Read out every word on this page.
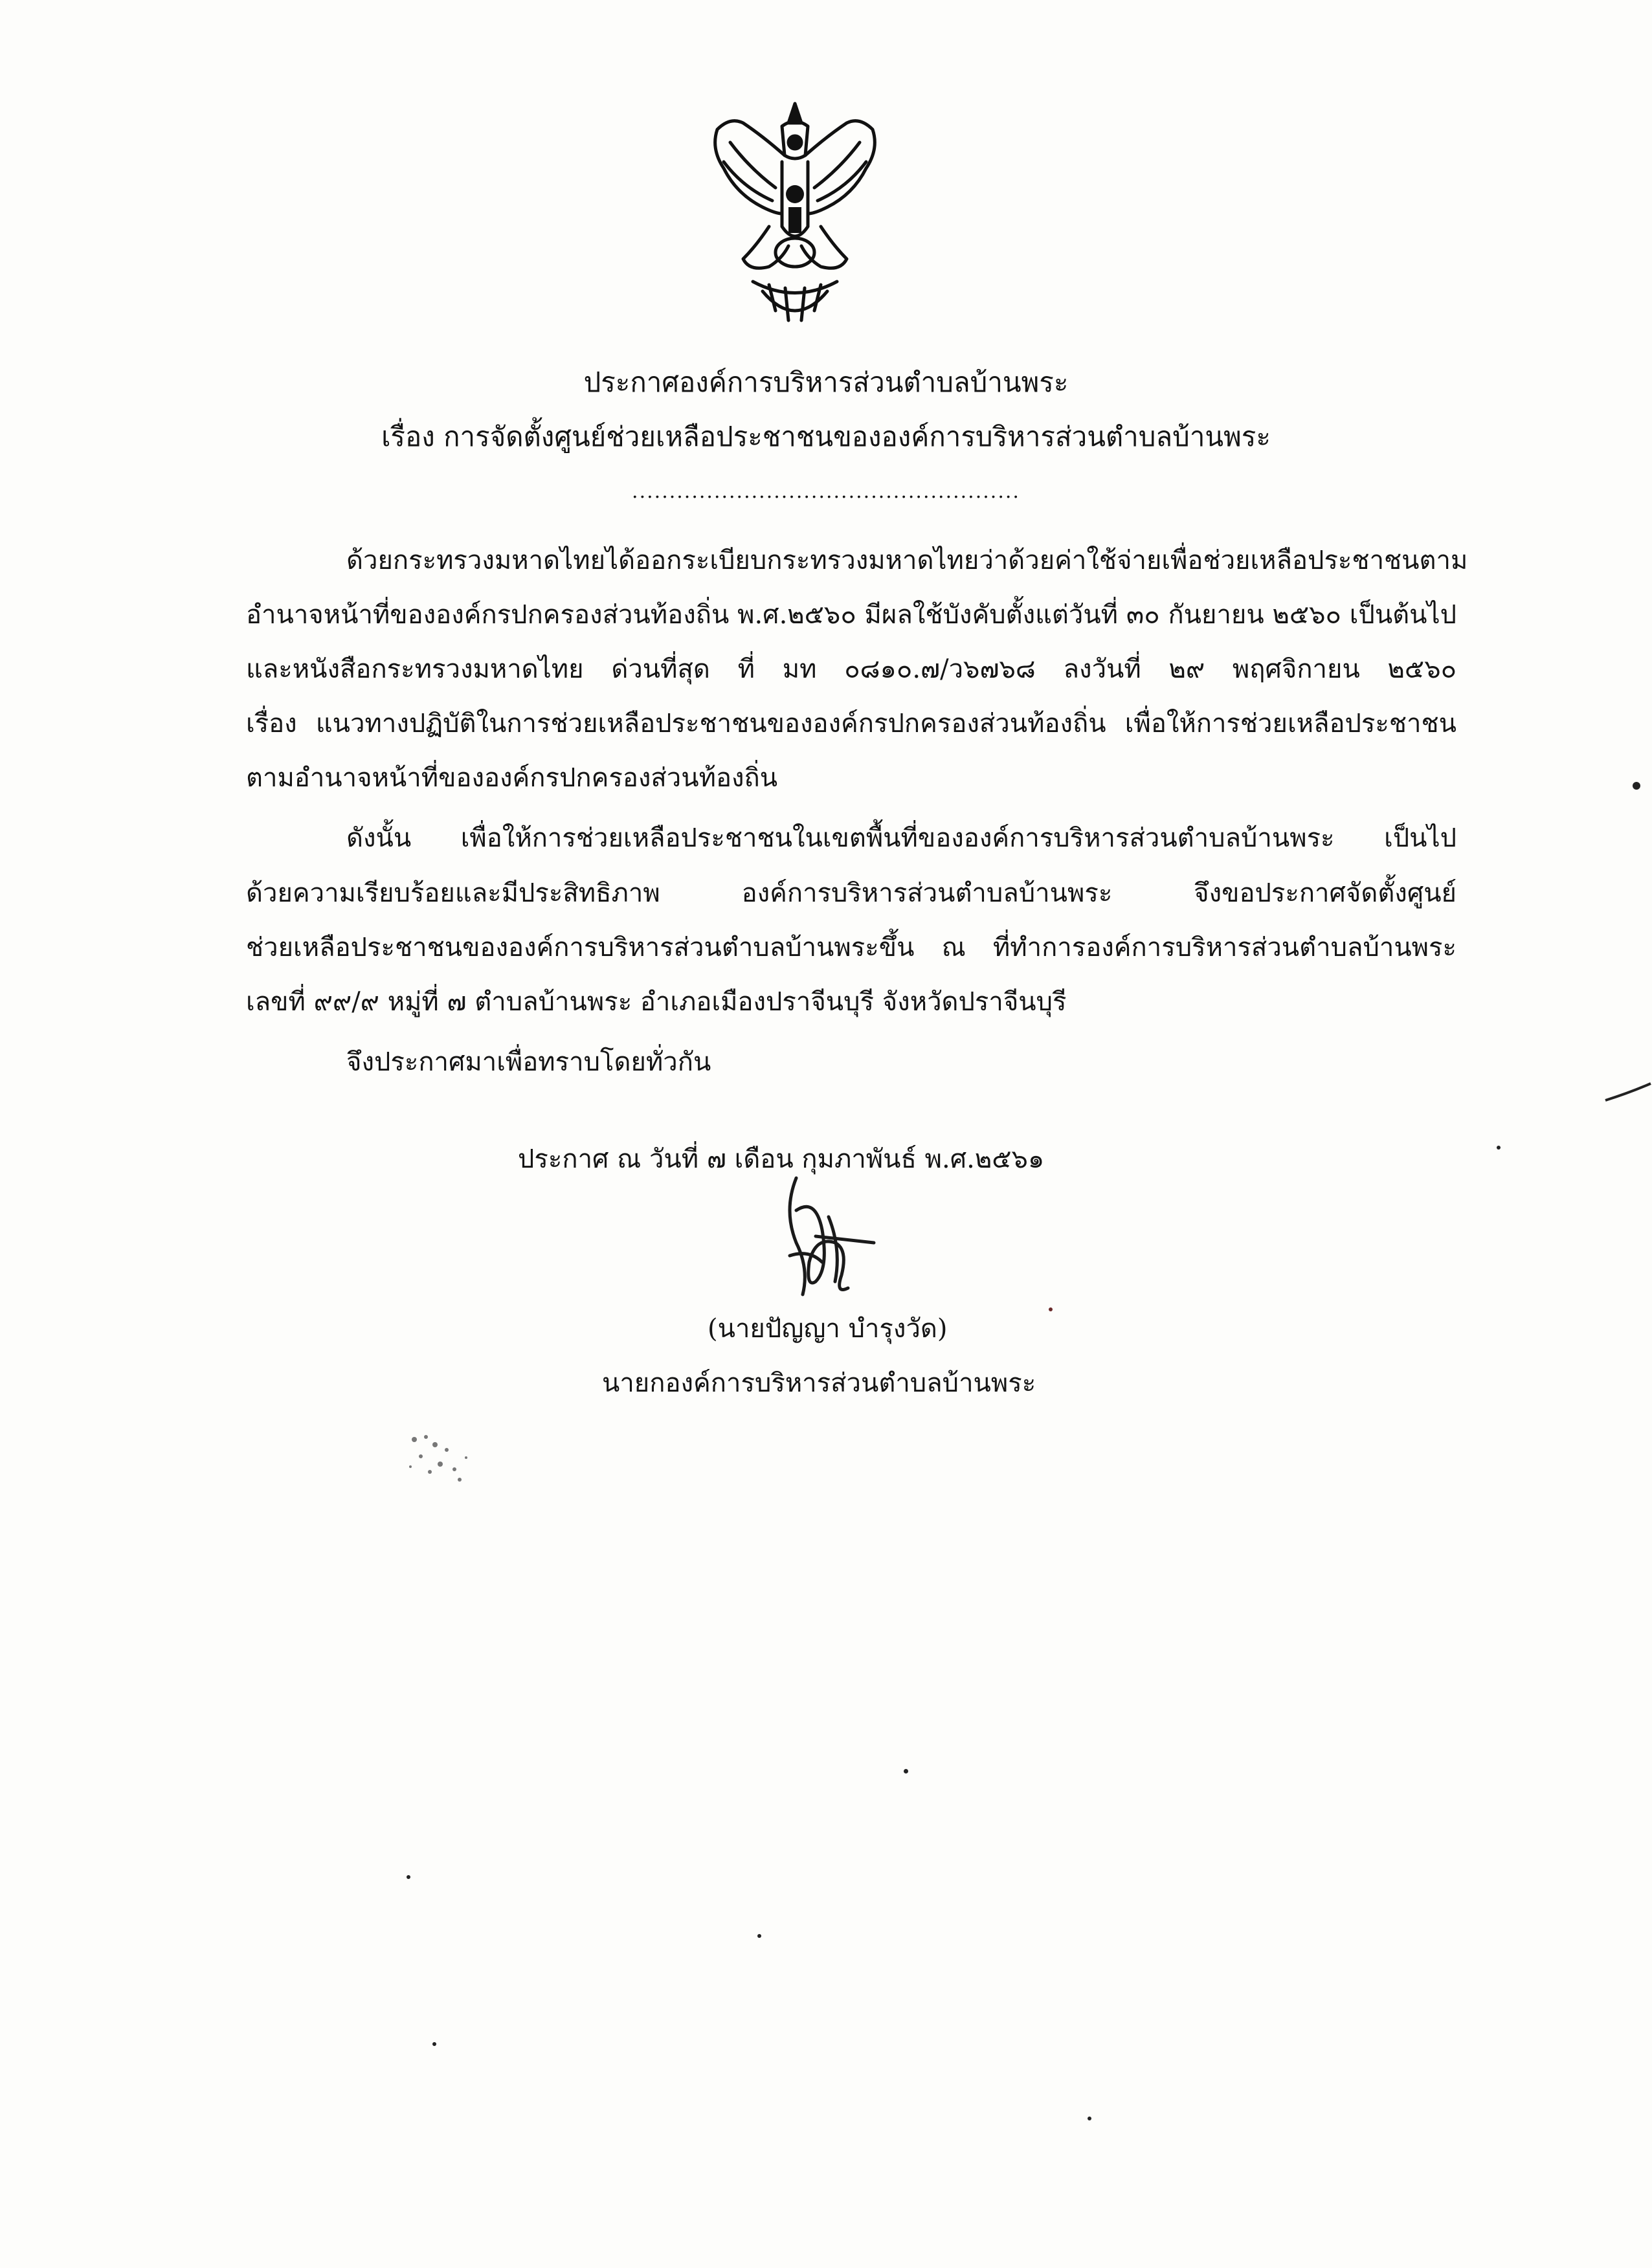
ประกาศองค์การบริหารส่วนตำบลบ้านพระ
เรื่อง การจัดตั้งศูนย์ช่วยเหลือประชาชนขององค์การบริหารส่วนตำบลบ้านพระ
....................................................
ด้วยกระทรวงมหาดไทยได้ออกระเบียบกระทรวงมหาดไทยว่าด้วยค่าใช้จ่ายเพื่อช่วยเหลือประชาชนตาม
อำนาจหน้าที่ขององค์กรปกครองส่วนท้องถิ่น พ.ศ.๒๕๖๐ มีผลใช้บังคับตั้งแต่วันที่ ๓๐ กันยายน ๒๕๖๐ เป็นต้นไป
และหนังสือกระทรวงมหาดไทย ด่วนที่สุด ที่ มท ๐๘๑๐.๗/ว๖๗๖๘ ลงวันที่ ๒๙ พฤศจิกายน ๒๕๖๐
เรื่อง แนวทางปฏิบัติในการช่วยเหลือประชาชนขององค์กรปกครองส่วนท้องถิ่น เพื่อให้การช่วยเหลือประชาชน
ตามอำนาจหน้าที่ขององค์กรปกครองส่วนท้องถิ่น
ดังนั้น เพื่อให้การช่วยเหลือประชาชนในเขตพื้นที่ขององค์การบริหารส่วนตำบลบ้านพระ เป็นไป
ด้วยความเรียบร้อยและมีประสิทธิภาพ องค์การบริหารส่วนตำบลบ้านพระ จึงขอประกาศจัดตั้งศูนย์
ช่วยเหลือประชาชนขององค์การบริหารส่วนตำบลบ้านพระขึ้น ณ ที่ทำการองค์การบริหารส่วนตำบลบ้านพระ
เลขที่ ๙๙/๙ หมู่ที่ ๗ ตำบลบ้านพระ อำเภอเมืองปราจีนบุรี จังหวัดปราจีนบุรี
จึงประกาศมาเพื่อทราบโดยทั่วกัน
ประกาศ ณ วันที่ ๗ เดือน กุมภาพันธ์ พ.ศ.๒๕๖๑
(นายปัญญา บำรุงวัด)
นายกองค์การบริหารส่วนตำบลบ้านพระ
